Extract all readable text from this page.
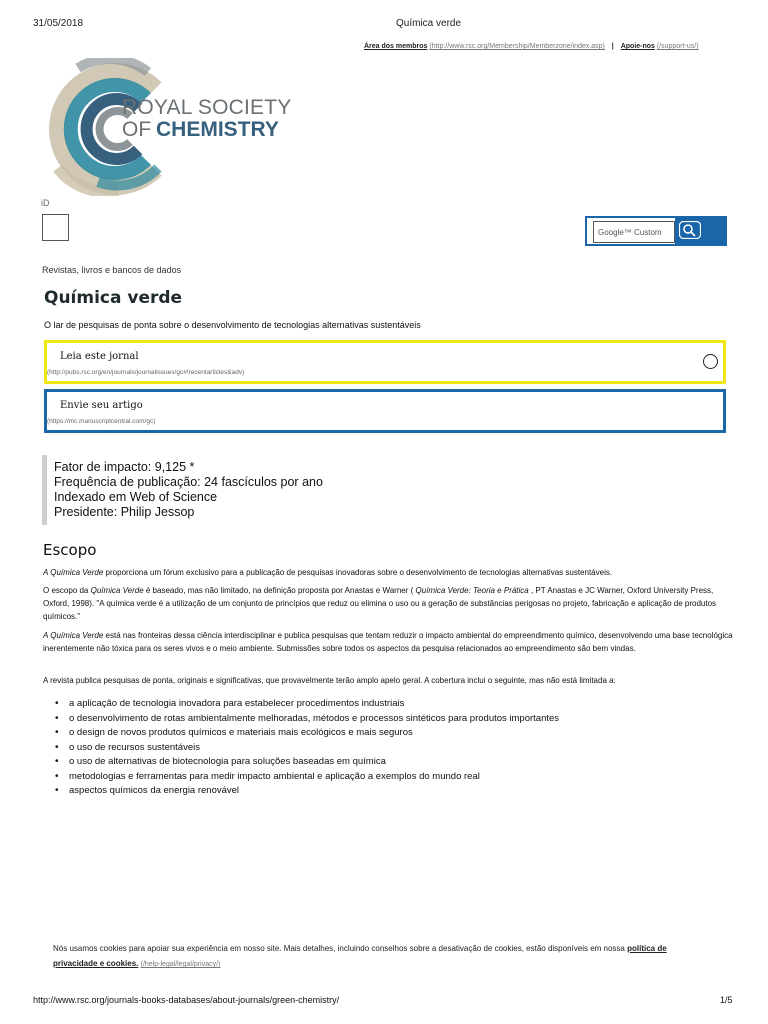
31/05/2018	Química verde
Área dos membros (http://www.rsc.org/Membership/Memberzone/index.asp) | Apoie-nos (/support-us/)
ROYAL SOCIETY
OF CHEMISTRY
iD
Google™ Custom
Revistas, livros e bancos de dados
Química verde
O lar de pesquisas de ponta sobre o desenvolvimento de tecnologias alternativas sustentáveis
Leia este jornal
(http://pubs.rsc.org/en/journals/journalissues/gc#!recentarticles&adv)
Envie seu artigo
(https://mc.manuscriptcentral.com/gc)
Fator de impacto: 9,125 *
Frequência de publicação: 24 fascículos por ano
Indexado em Web of Science
Presidente: Philip Jessop
Escopo
A Química Verde proporciona um fórum exclusivo para a publicação de pesquisas inovadoras sobre o desenvolvimento de tecnologias alternativas sustentáveis.
O escopo da Química Verde é baseado, mas não limitado, na definição proposta por Anastas e Warner ( Química Verde: Teoria e Prática , PT Anastas e JC Warner, Oxford University Press, Oxford, 1998). "A química verde é a utilização de um conjunto de princípios que reduz ou elimina o uso ou a geração de substâncias perigosas no projeto, fabricação e aplicação de produtos químicos."
A Química Verde está nas fronteiras dessa ciência interdisciplinar e publica pesquisas que tentam reduzir o impacto ambiental do empreendimento químico, desenvolvendo uma base tecnológica inerentemente não tóxica para os seres vivos e o meio ambiente. Submissões sobre todos os aspectos da pesquisa relacionados ao empreendimento são bem vindas.
A revista publica pesquisas de ponta, originais e significativas, que provavelmente terão amplo apelo geral. A cobertura inclui o seguinte, mas não está limitada a:
• a aplicação de tecnologia inovadora para estabelecer procedimentos industriais
• o desenvolvimento de rotas ambientalmente melhoradas, métodos e processos sintéticos para produtos importantes
• o design de novos produtos químicos e materiais mais ecológicos e mais seguros
• o uso de recursos sustentáveis
• o uso de alternativas de biotecnologia para soluções baseadas em química
• metodologias e ferramentas para medir impacto ambiental e aplicação a exemplos do mundo real
• aspectos químicos da energia renovável
Nós usamos cookies para apoiar sua experiência em nosso site. Mais detalhes, incluindo conselhos sobre a desativação de cookies, estão disponíveis em nossa política de privacidade e cookies. (/help-legal/legal/privacy/)
http://www.rsc.org/journals-books-databases/about-journals/green-chemistry/	1/5
